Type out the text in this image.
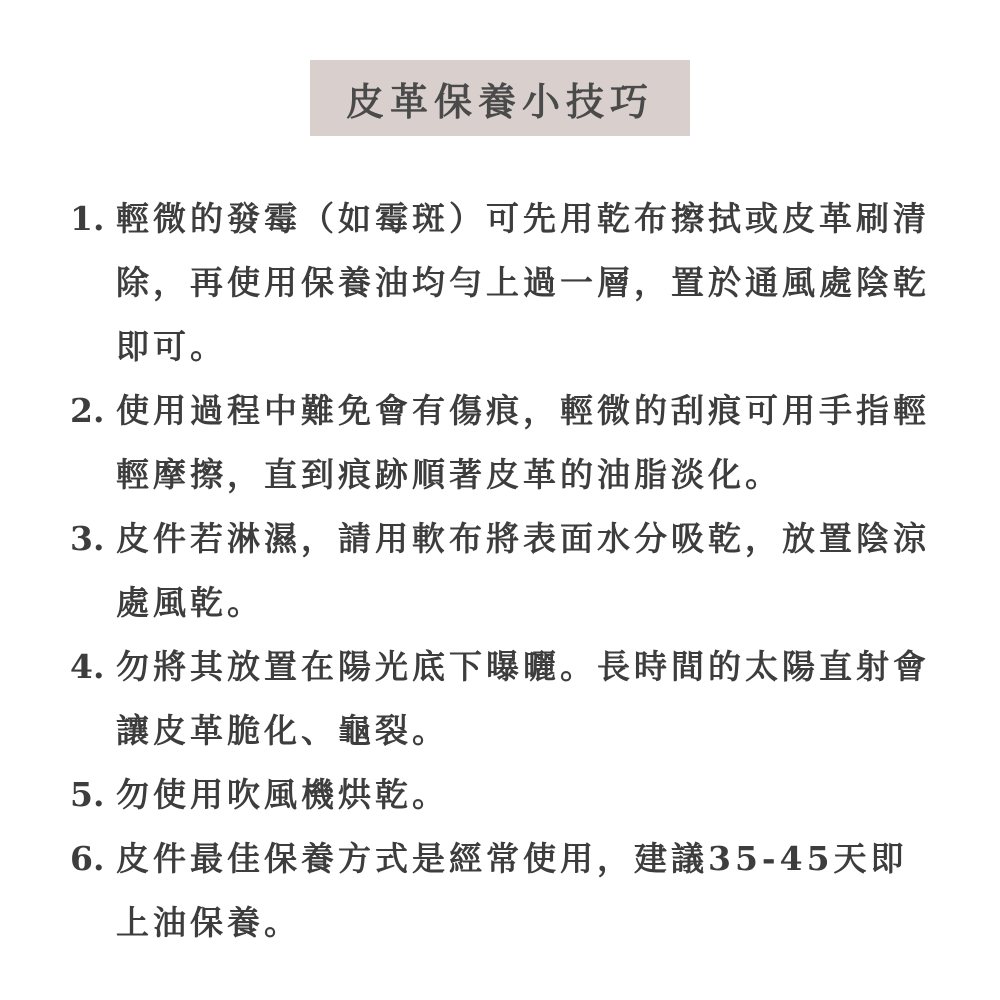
皮革保養小技巧
1. 輕微的發霉（如霉斑）可先用乾布擦拭或皮革刷清除，再使用保養油均勻上過一層，置於通風處陰乾即可。
2. 使用過程中難免會有傷痕，輕微的刮痕可用手指輕輕摩擦，直到痕跡順著皮革的油脂淡化。
3. 皮件若淋濕，請用軟布將表面水分吸乾，放置陰涼處風乾。
4. 勿將其放置在陽光底下曝曬。長時間的太陽直射會讓皮革脆化、龜裂。
5. 勿使用吹風機烘乾。
6. 皮件最佳保養方式是經常使用，建議35-45天即上油保養。
